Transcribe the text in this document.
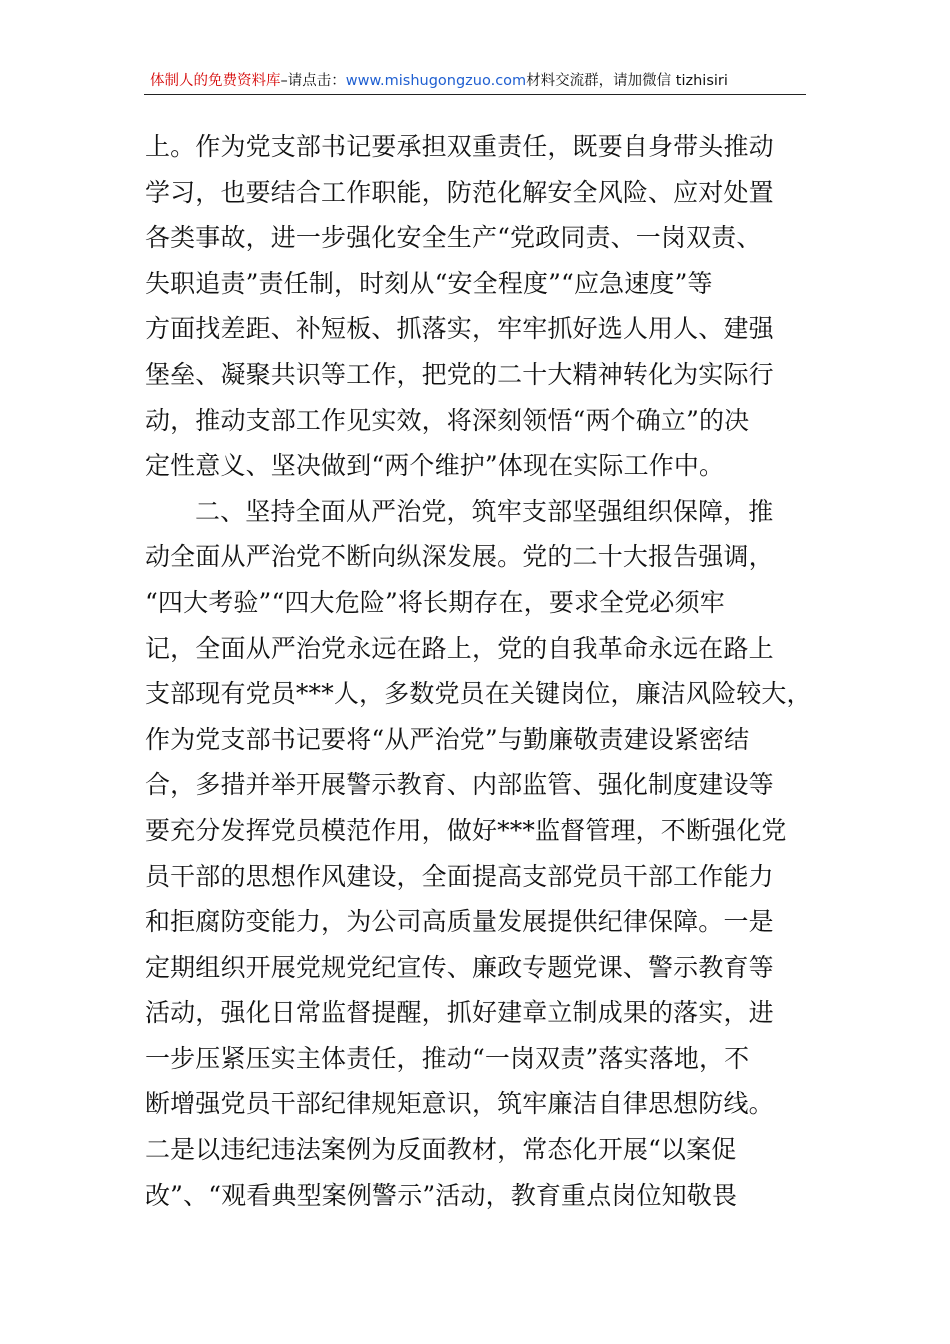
体制人的免费资料库–请点击：www.mishugongzuo.com材料交流群，请加微信 tizhisiri
上。作为党支部书记要承担双重责任，既要自身带头推动
学习，也要结合工作职能，防范化解安全风险、应对处置
各类事故，进一步强化安全生产“党政同责、一岗双责、
失职追责”责任制，时刻从“安全程度”“应急速度”等
方面找差距、补短板、抓落实，牢牢抓好选人用人、建强
堡垒、凝聚共识等工作，把党的二十大精神转化为实际行
动，推动支部工作见实效，将深刻领悟“两个确立”的决
定性意义、坚决做到“两个维护”体现在实际工作中。
二、坚持全面从严治党，筑牢支部坚强组织保障，推
动全面从严治党不断向纵深发展。党的二十大报告强调，
“四大考验”“四大危险”将长期存在，要求全党必须牢
记，全面从严治党永远在路上，党的自我革命永远在路上
支部现有党员***人，多数党员在关键岗位，廉洁风险较大，
作为党支部书记要将“从严治党”与勤廉敬责建设紧密结
合，多措并举开展警示教育、内部监管、强化制度建设等
要充分发挥党员模范作用，做好***监督管理，不断强化党
员干部的思想作风建设，全面提高支部党员干部工作能力
和拒腐防变能力，为公司高质量发展提供纪律保障。一是
定期组织开展党规党纪宣传、廉政专题党课、警示教育等
活动，强化日常监督提醒，抓好建章立制成果的落实，进
一步压紧压实主体责任，推动“一岗双责”落实落地，不
断增强党员干部纪律规矩意识，筑牢廉洁自律思想防线。
二是以违纪违法案例为反面教材，常态化开展“以案促
改”、“观看典型案例警示”活动，教育重点岗位知敬畏
